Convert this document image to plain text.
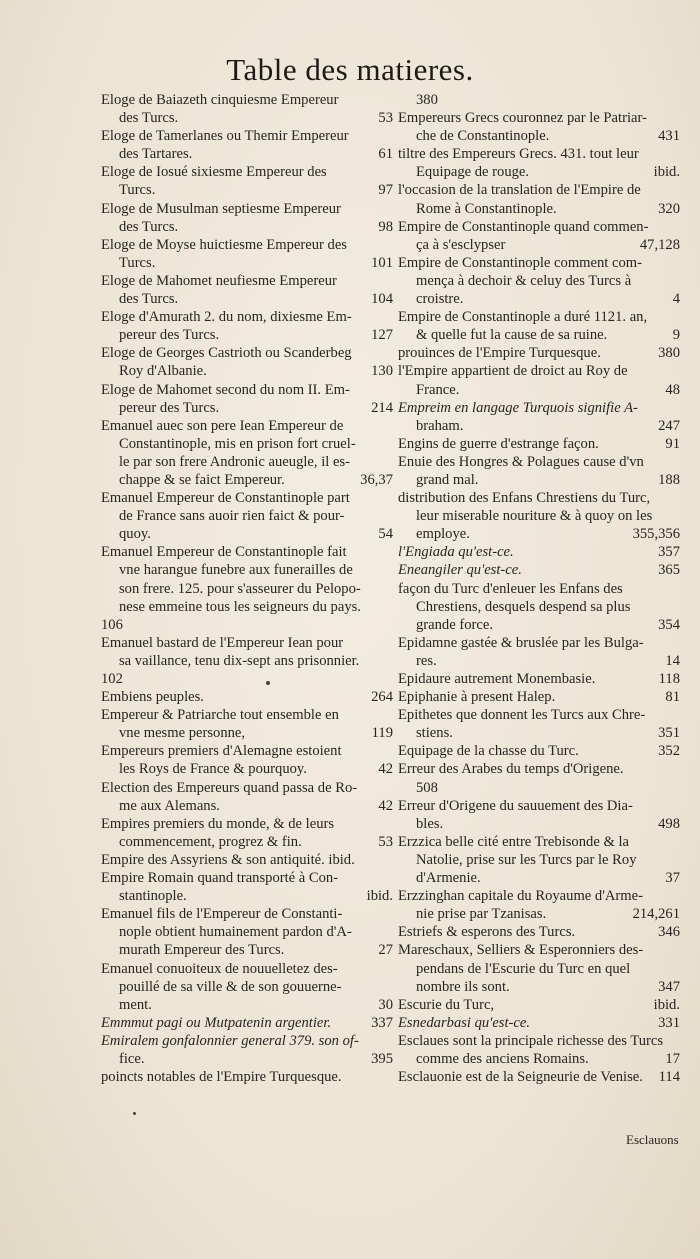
Table des matieres.
Eloge de Baiazeth cinquiesme Empereur
des Turcs.	53
Eloge de Tamerlanes ou Themir Empereur
des Tartares.	61
Eloge de Iosué sixiesme Empereur des
Turcs.	97
Eloge de Musulman septiesme Empereur
des Turcs.	98
Eloge de Moyse huictiesme Empereur des
Turcs.	101
Eloge de Mahomet neufiesme Empereur
des Turcs.	104
Eloge d'Amurath 2. du nom, dixiesme Em-
pereur des Turcs.	127
Eloge de Georges Castrioth ou Scanderbeg
Roy d'Albanie.	130
Eloge de Mahomet second du nom II. Em-
pereur des Turcs.	214
Emanuel auec son pere Iean Empereur de
Constantinople, mis en prison fort cruel-
le par son frere Andronic aueugle, il es-
chappe & se faict Empereur.	36,37
Emanuel Empereur de Constantinople part
de France sans auoir rien faict & pour-
quoy.	54
Emanuel Empereur de Constantinople fait
vne harangue funebre aux funerailles de
son frere. 125. pour s'asseurer du Pelopo-
nese emmeine tous les seigneurs du pays.
106
Emanuel bastard de l'Empereur Iean pour
sa vaillance, tenu dix-sept ans prisonnier.
102
Embiens peuples.	264
Empereur & Patriarche tout ensemble en
vne mesme personne,	119
Empereurs premiers d'Alemagne estoient
les Roys de France & pourquoy.	42
Election des Empereurs quand passa de Ro-
me aux Alemans.	42
Empires premiers du monde, & de leurs
commencement, progrez & fin.	53
Empire des Assyriens & son antiquité. ibid.
Empire Romain quand transporté à Con-
stantinople.	ibid.
Emanuel fils de l'Empereur de Constanti-
nople obtient humainement pardon d'A-
murath Empereur des Turcs.	27
Emanuel conuoiteux de nouuelletez des-
pouillé de sa ville & de son gouuerne-
ment.	30
Emmmut pagi ou Mutpatenin argentier.	337
Emiralem gonfalonnier general 379. son of-
fice.	395
poincts notables de l'Empire Turquesque.
380
Empereurs Grecs couronnez par le Patriar-
che de Constantinople.	431
tiltre des Empereurs Grecs. 431. tout leur
Equipage de rouge.	ibid.
l'occasion de la translation de l'Empire de
Rome à Constantinople.	320
Empire de Constantinople quand commen-
ça à s'esclypser	47,128
Empire de Constantinople comment com-
mença à dechoir & celuy des Turcs à
croistre.	4
Empire de Constantinople a duré 1121. an,
& quelle fut la cause de sa ruine.	9
prouinces de l'Empire Turquesque.	380
l'Empire appartient de droict au Roy de
France.	48
Empreim en langage Turquois signifie A-
braham.	247
Engins de guerre d'estrange façon.	91
Enuie des Hongres & Polagues cause d'vn
grand mal.	188
distribution des Enfans Chrestiens du Turc,
leur miserable nouriture & à quoy on les
employe.	355,356
l'Engiada qu'est-ce.	357
Eneangiler qu'est-ce.	365
façon du Turc d'enleuer les Enfans des
Chrestiens, desquels despend sa plus
grande force.	354
Epidamne gastée & bruslée par les Bulga-
res.	14
Epidaure autrement Monembasie.	118
Epiphanie à present Halep.	81
Epithetes que donnent les Turcs aux Chre-
stiens.	351
Equipage de la chasse du Turc.	352
Erreur des Arabes du temps d'Origene.
508
Erreur d'Origene du sauuement des Dia-
bles.	498
Erzzica belle cité entre Trebisonde & la
Natolie, prise sur les Turcs par le Roy
d'Armenie.	37
Erzzinghan capitale du Royaume d'Arme-
nie prise par Tzanisas.	214,261
Estriefs & esperons des Turcs.	346
Mareschaux, Selliers & Esperonniers des-
pendans de l'Escurie du Turc en quel
nombre ils sont.	347
Escurie du Turc,	ibid.
Esnedarbasi qu'est-ce.	331
Esclaues sont la principale richesse des Turcs
comme des anciens Romains.	17
Esclauonie est de la Seigneurie de Venise. 114
Esclauons
